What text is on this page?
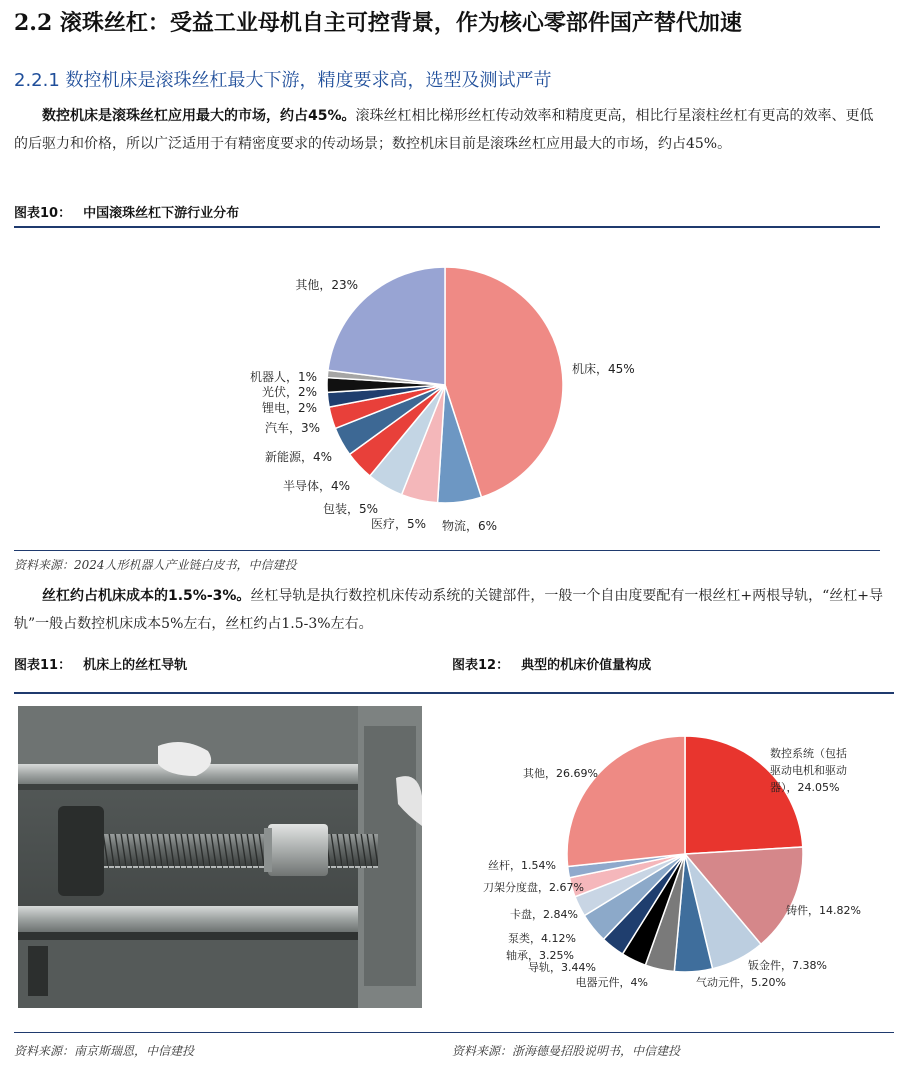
2.2 滚珠丝杠：受益工业母机自主可控背景，作为核心零部件国产替代加速
2.2.1 数控机床是滚珠丝杠最大下游，精度要求高，选型及测试严苛
数控机床是滚珠丝杠应用最大的市场，约占45%。滚珠丝杠相比梯形丝杠传动效率和精度更高，相比行星滚柱丝杠有更高的效率、更低的后驱力和价格，所以广泛适用于有精密度要求的传动场景；数控机床目前是滚珠丝杠应用最大的市场，约占45%。
图表10： 中国滚珠丝杠下游行业分布
机床，45%
物流，6%
医疗，5%
包装，5%
半导体，4%
新能源，4%
汽车，3%
锂电，2%
光伏，2%
机器人，1%
其他，23%
资料来源：2024人形机器人产业链白皮书，中信建投
丝杠约占机床成本的1.5%-3%。丝杠导轨是执行数控机床传动系统的关键部件，一般一个自由度要配有一根丝杠+两根导轨，“丝杠+导轨”一般占数控机床成本5%左右，丝杠约占1.5-3%左右。
图表11： 机床上的丝杠导轨	图表12： 典型的机床价值量构成
数控系统（包括驱动电机和驱动器），24.05%
铸件，14.82%
钣金件，7.38%
气动元件，5.20%
电器元件，4%
导轨，3.44%
轴承，3.25%
泵类，4.12%
卡盘，2.84%
刀架分度盘，2.67%
丝杆，1.54%
其他，26.69%
资料来源：南京斯瑞恩，中信建投	资料来源：浙海德曼招股说明书，中信建投
